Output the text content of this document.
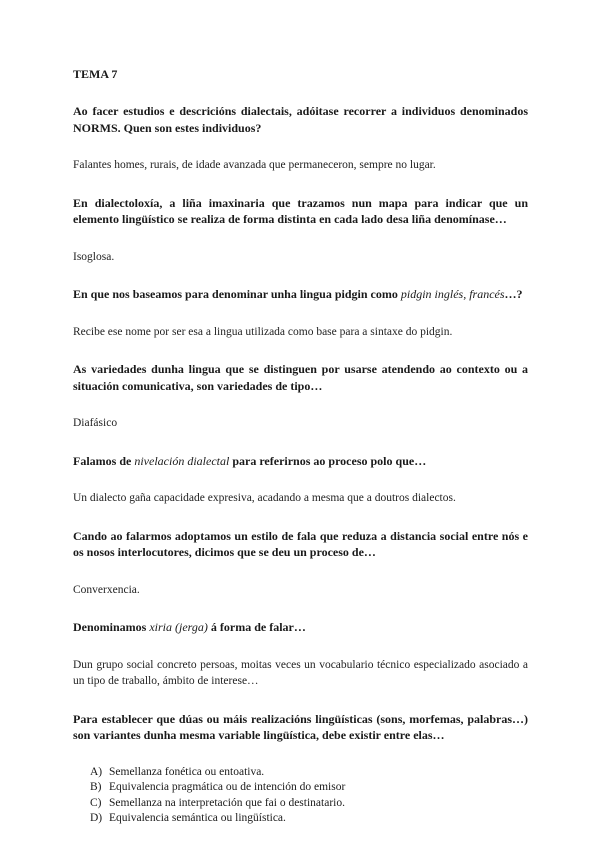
TEMA 7

Ao facer estudios e descricións dialectais, adóitase recorrer a individuos denominados NORMS. Quen son estes individuos?

Falantes homes, rurais, de idade avanzada que permaneceron, sempre no lugar.

En dialectoloxía, a liña imaxinaria que trazamos nun mapa para indicar que un elemento lingüístico se realiza de forma distinta en cada lado desa liña denomínase…

Isoglosa.

En que nos baseamos para denominar unha lingua pidgin como pidgin inglés, francés…?

Recibe ese nome por ser esa a lingua utilizada como base para a sintaxe do pidgin.

As variedades dunha lingua que se distinguen por usarse atendendo ao contexto ou a situación comunicativa, son variedades de tipo…

Diafásico

Falamos de nivelación dialectal para referirnos ao proceso polo que…

Un dialecto gaña capacidade expresiva, acadando a mesma que a doutros dialectos.

Cando ao falarmos adoptamos un estilo de fala que reduza a distancia social entre nós e os nosos interlocutores, dicimos que se deu un proceso de…

Converxencia.

Denominamos xiria (jerga) á forma de falar…

Dun grupo social concreto persoas, moitas veces un vocabulario técnico especializado asociado a un tipo de traballo, ámbito de interese…

Para establecer que dúas ou máis realizacións lingüísticas (sons, morfemas, palabras…) son variantes dunha mesma variable lingüística, debe existir entre elas…

A) Semellanza fonética ou entoativa.
B) Equivalencia pragmática ou de intención do emisor
C) Semellanza na interpretación que fai o destinatario.
D) Equivalencia semántica ou lingüística.
